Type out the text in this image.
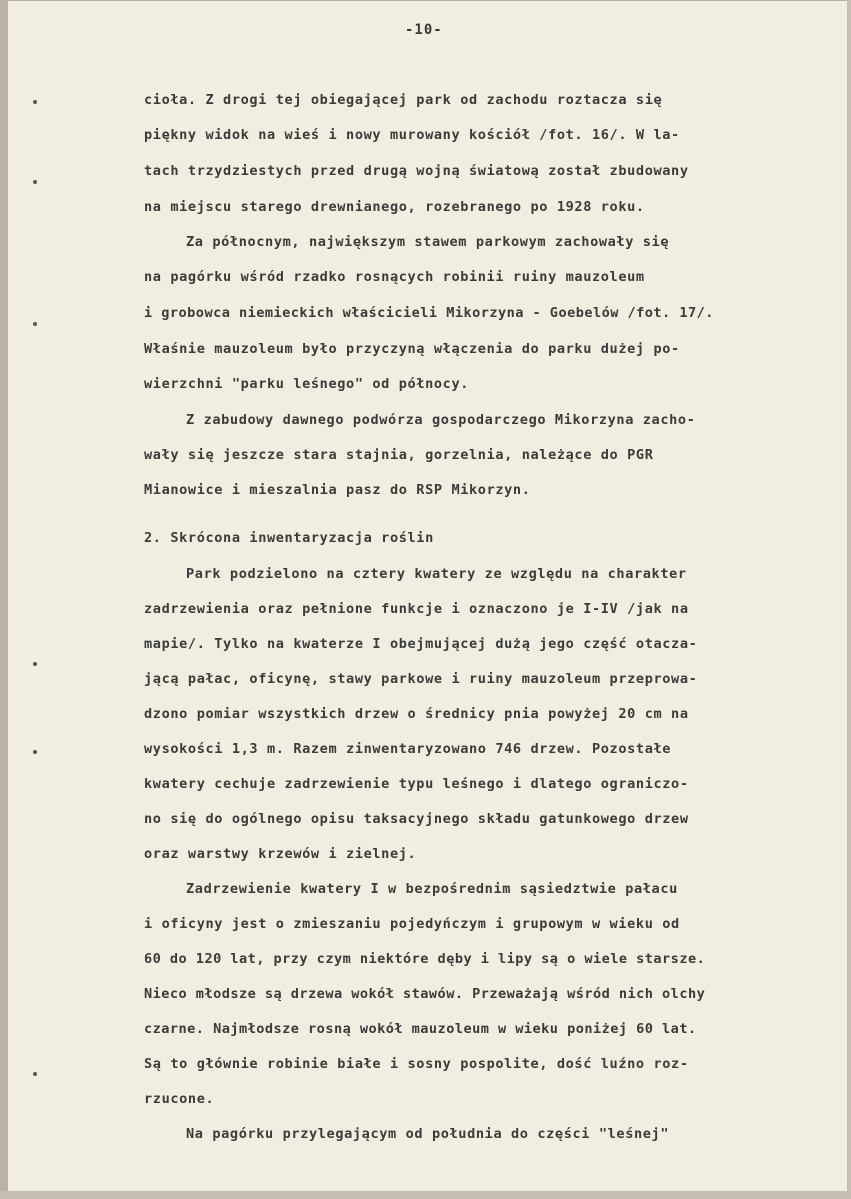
-10-
cioła. Z drogi tej obiegającej park od zachodu roztacza się
piękny widok na wieś i nowy murowany kościół /fot. 16/. W la-
tach trzydziestych przed drugą wojną światową został zbudowany
na miejscu starego drewnianego, rozebranego po 1928 roku.
Za północnym, największym stawem parkowym zachowały się
na pagórku wśród rzadko rosnących robinii ruiny mauzoleum
i grobowca niemieckich właścicieli Mikorzyna - Goebelów /fot. 17/.
Właśnie mauzoleum było przyczyną włączenia do parku dużej po-
wierzchni "parku leśnego" od północy.
Z zabudowy dawnego podwórza gospodarczego Mikorzyna zacho-
wały się jeszcze stara stajnia, gorzelnia, należące do PGR
Mianowice i mieszalnia pasz do RSP Mikorzyn.
2. Skrócona inwentaryzacja roślin
Park podzielono na cztery kwatery ze względu na charakter
zadrzewienia oraz pełnione funkcje i oznaczono je I-IV /jak na
mapie/. Tylko na kwaterze I obejmującej dużą jego część otacza-
jącą pałac, oficynę, stawy parkowe i ruiny mauzoleum przeprowa-
dzono pomiar wszystkich drzew o średnicy pnia powyżej 20 cm na
wysokości 1,3 m. Razem zinwentaryzowano 746 drzew. Pozostałe
kwatery cechuje zadrzewienie typu leśnego i dlatego ograniczo-
no się do ogólnego opisu taksacyjnego składu gatunkowego drzew
oraz warstwy krzewów i zielnej.
Zadrzewienie kwatery I w bezpośrednim sąsiedztwie pałacu
i oficyny jest o zmieszaniu pojedyńczym i grupowym w wieku od
60 do 120 lat, przy czym niektóre dęby i lipy są o wiele starsze.
Nieco młodsze są drzewa wokół stawów. Przeważają wśród nich olchy
czarne. Najmłodsze rosną wokół mauzoleum w wieku poniżej 60 lat.
Są to głównie robinie białe i sosny pospolite, dość luźno roz-
rzucone.
Na pagórku przylegającym od południa do części "leśnej"
